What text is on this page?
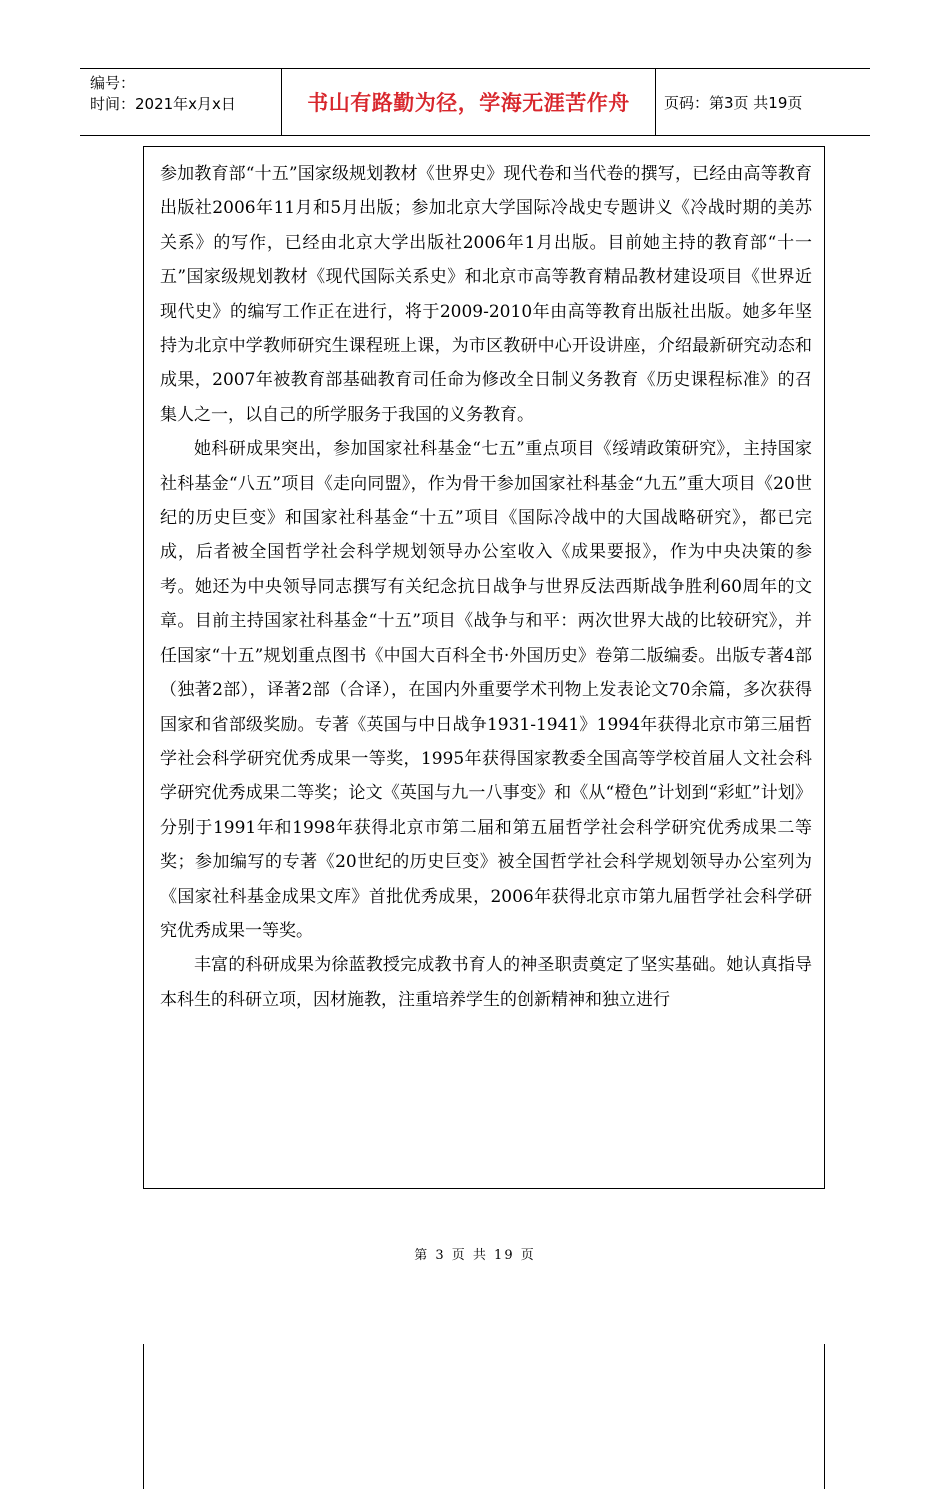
编号：
时间：2021年x月x日	书山有路勤为径，学海无涯苦作舟	页码：第3页 共19页

参加教育部“十五”国家级规划教材《世界史》现代卷和当代卷的撰写，已经由高等教育出版社2006年11月和5月出版；参加北京大学国际冷战史专题讲义《冷战时期的美苏关系》的写作，已经由北京大学出版社2006年1月出版。目前她主持的教育部“十一五”国家级规划教材《现代国际关系史》和北京市高等教育精品教材建设项目《世界近现代史》的编写工作正在进行，将于2009-2010年由高等教育出版社出版。她多年坚持为北京中学教师研究生课程班上课，为市区教研中心开设讲座，介绍最新研究动态和成果，2007年被教育部基础教育司任命为修改全日制义务教育《历史课程标准》的召集人之一，以自己的所学服务于我国的义务教育。

她科研成果突出，参加国家社科基金“七五”重点项目《绥靖政策研究》，主持国家社科基金“八五”项目《走向同盟》，作为骨干参加国家社科基金“九五”重大项目《20世纪的历史巨变》和国家社科基金“十五”项目《国际冷战中的大国战略研究》，都已完成，后者被全国哲学社会科学规划领导办公室收入《成果要报》，作为中央决策的参考。她还为中央领导同志撰写有关纪念抗日战争与世界反法西斯战争胜利60周年的文章。目前主持国家社科基金“十五”项目《战争与和平：两次世界大战的比较研究》，并任国家“十五”规划重点图书《中国大百科全书·外国历史》卷第二版编委。出版专著4部（独著2部），译著2部（合译），在国内外重要学术刊物上发表论文70余篇，多次获得国家和省部级奖励。专著《英国与中日战争1931-1941》1994年获得北京市第三届哲学社会科学研究优秀成果一等奖，1995年获得国家教委全国高等学校首届人文社会科学研究优秀成果二等奖；论文《英国与九一八事变》和《从“橙色”计划到“彩虹”计划》分别于1991年和1998年获得北京市第二届和第五届哲学社会科学研究优秀成果二等奖；参加编写的专著《20世纪的历史巨变》被全国哲学社会科学规划领导办公室列为《国家社科基金成果文库》首批优秀成果，2006年获得北京市第九届哲学社会科学研究优秀成果一等奖。

丰富的科研成果为徐蓝教授完成教书育人的神圣职责奠定了坚实基础。她认真指导本科生的科研立项，因材施教，注重培养学生的创新精神和独立进行

第 3 页 共 19 页
